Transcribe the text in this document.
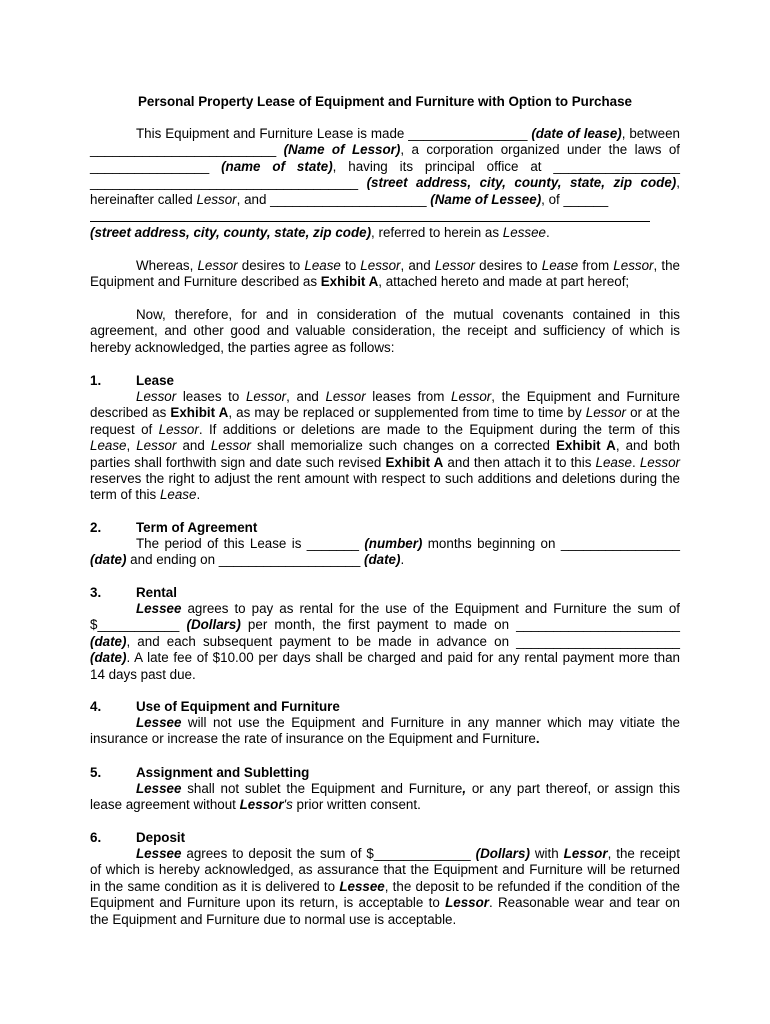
Personal Property Lease of Equipment and Furniture with Option to Purchase

This Equipment and Furniture Lease is made ________________ (date of lease), between _________________________ (Name of Lessor), a corporation organized under the laws of ________________ (name of state), having its principal office at _________________ ____________________________________ (street address, city, county, state, zip code), hereinafter called Lessor, and _____________________ (Name of Lessee), of ______

(street address, city, county, state, zip code), referred to herein as Lessee.

Whereas, Lessor desires to Lease to Lessor, and Lessor desires to Lease from Lessor, the Equipment and Furniture described as Exhibit A, attached hereto and made at part hereof;

Now, therefore, for and in consideration of the mutual covenants contained in this agreement, and other good and valuable consideration, the receipt and sufficiency of which is hereby acknowledged, the parties agree as follows:

1.	Lease

Lessor leases to Lessor, and Lessor leases from Lessor, the Equipment and Furniture described as Exhibit A, as may be replaced or supplemented from time to time by Lessor or at the request of Lessor. If additions or deletions are made to the Equipment during the term of this Lease, Lessor and Lessor shall memorialize such changes on a corrected Exhibit A, and both parties shall forthwith sign and date such revised Exhibit A and then attach it to this Lease. Lessor reserves the right to adjust the rent amount with respect to such additions and deletions during the term of this Lease.

2.	Term of Agreement

The period of this Lease is _______ (number) months beginning on ________________ (date) and ending on ___________________ (date).

3.	Rental

Lessee agrees to pay as rental for the use of the Equipment and Furniture the sum of $___________ (Dollars) per month, the first payment to made on ______________________ (date), and each subsequent payment to be made in advance on ______________________ (date). A late fee of $10.00 per days shall be charged and paid for any rental payment more than 14 days past due.

4.	Use of Equipment and Furniture

Lessee will not use the Equipment and Furniture in any manner which may vitiate the insurance or increase the rate of insurance on the Equipment and Furniture.

5.	Assignment and Subletting

Lessee shall not sublet the Equipment and Furniture, or any part thereof, or assign this lease agreement without Lessor's prior written consent.

6.	Deposit

Lessee agrees to deposit the sum of $_____________ (Dollars) with Lessor, the receipt of which is hereby acknowledged, as assurance that the Equipment and Furniture will be returned in the same condition as it is delivered to Lessee, the deposit to be refunded if the condition of the Equipment and Furniture upon its return, is acceptable to Lessor. Reasonable wear and tear on the Equipment and Furniture due to normal use is acceptable.
